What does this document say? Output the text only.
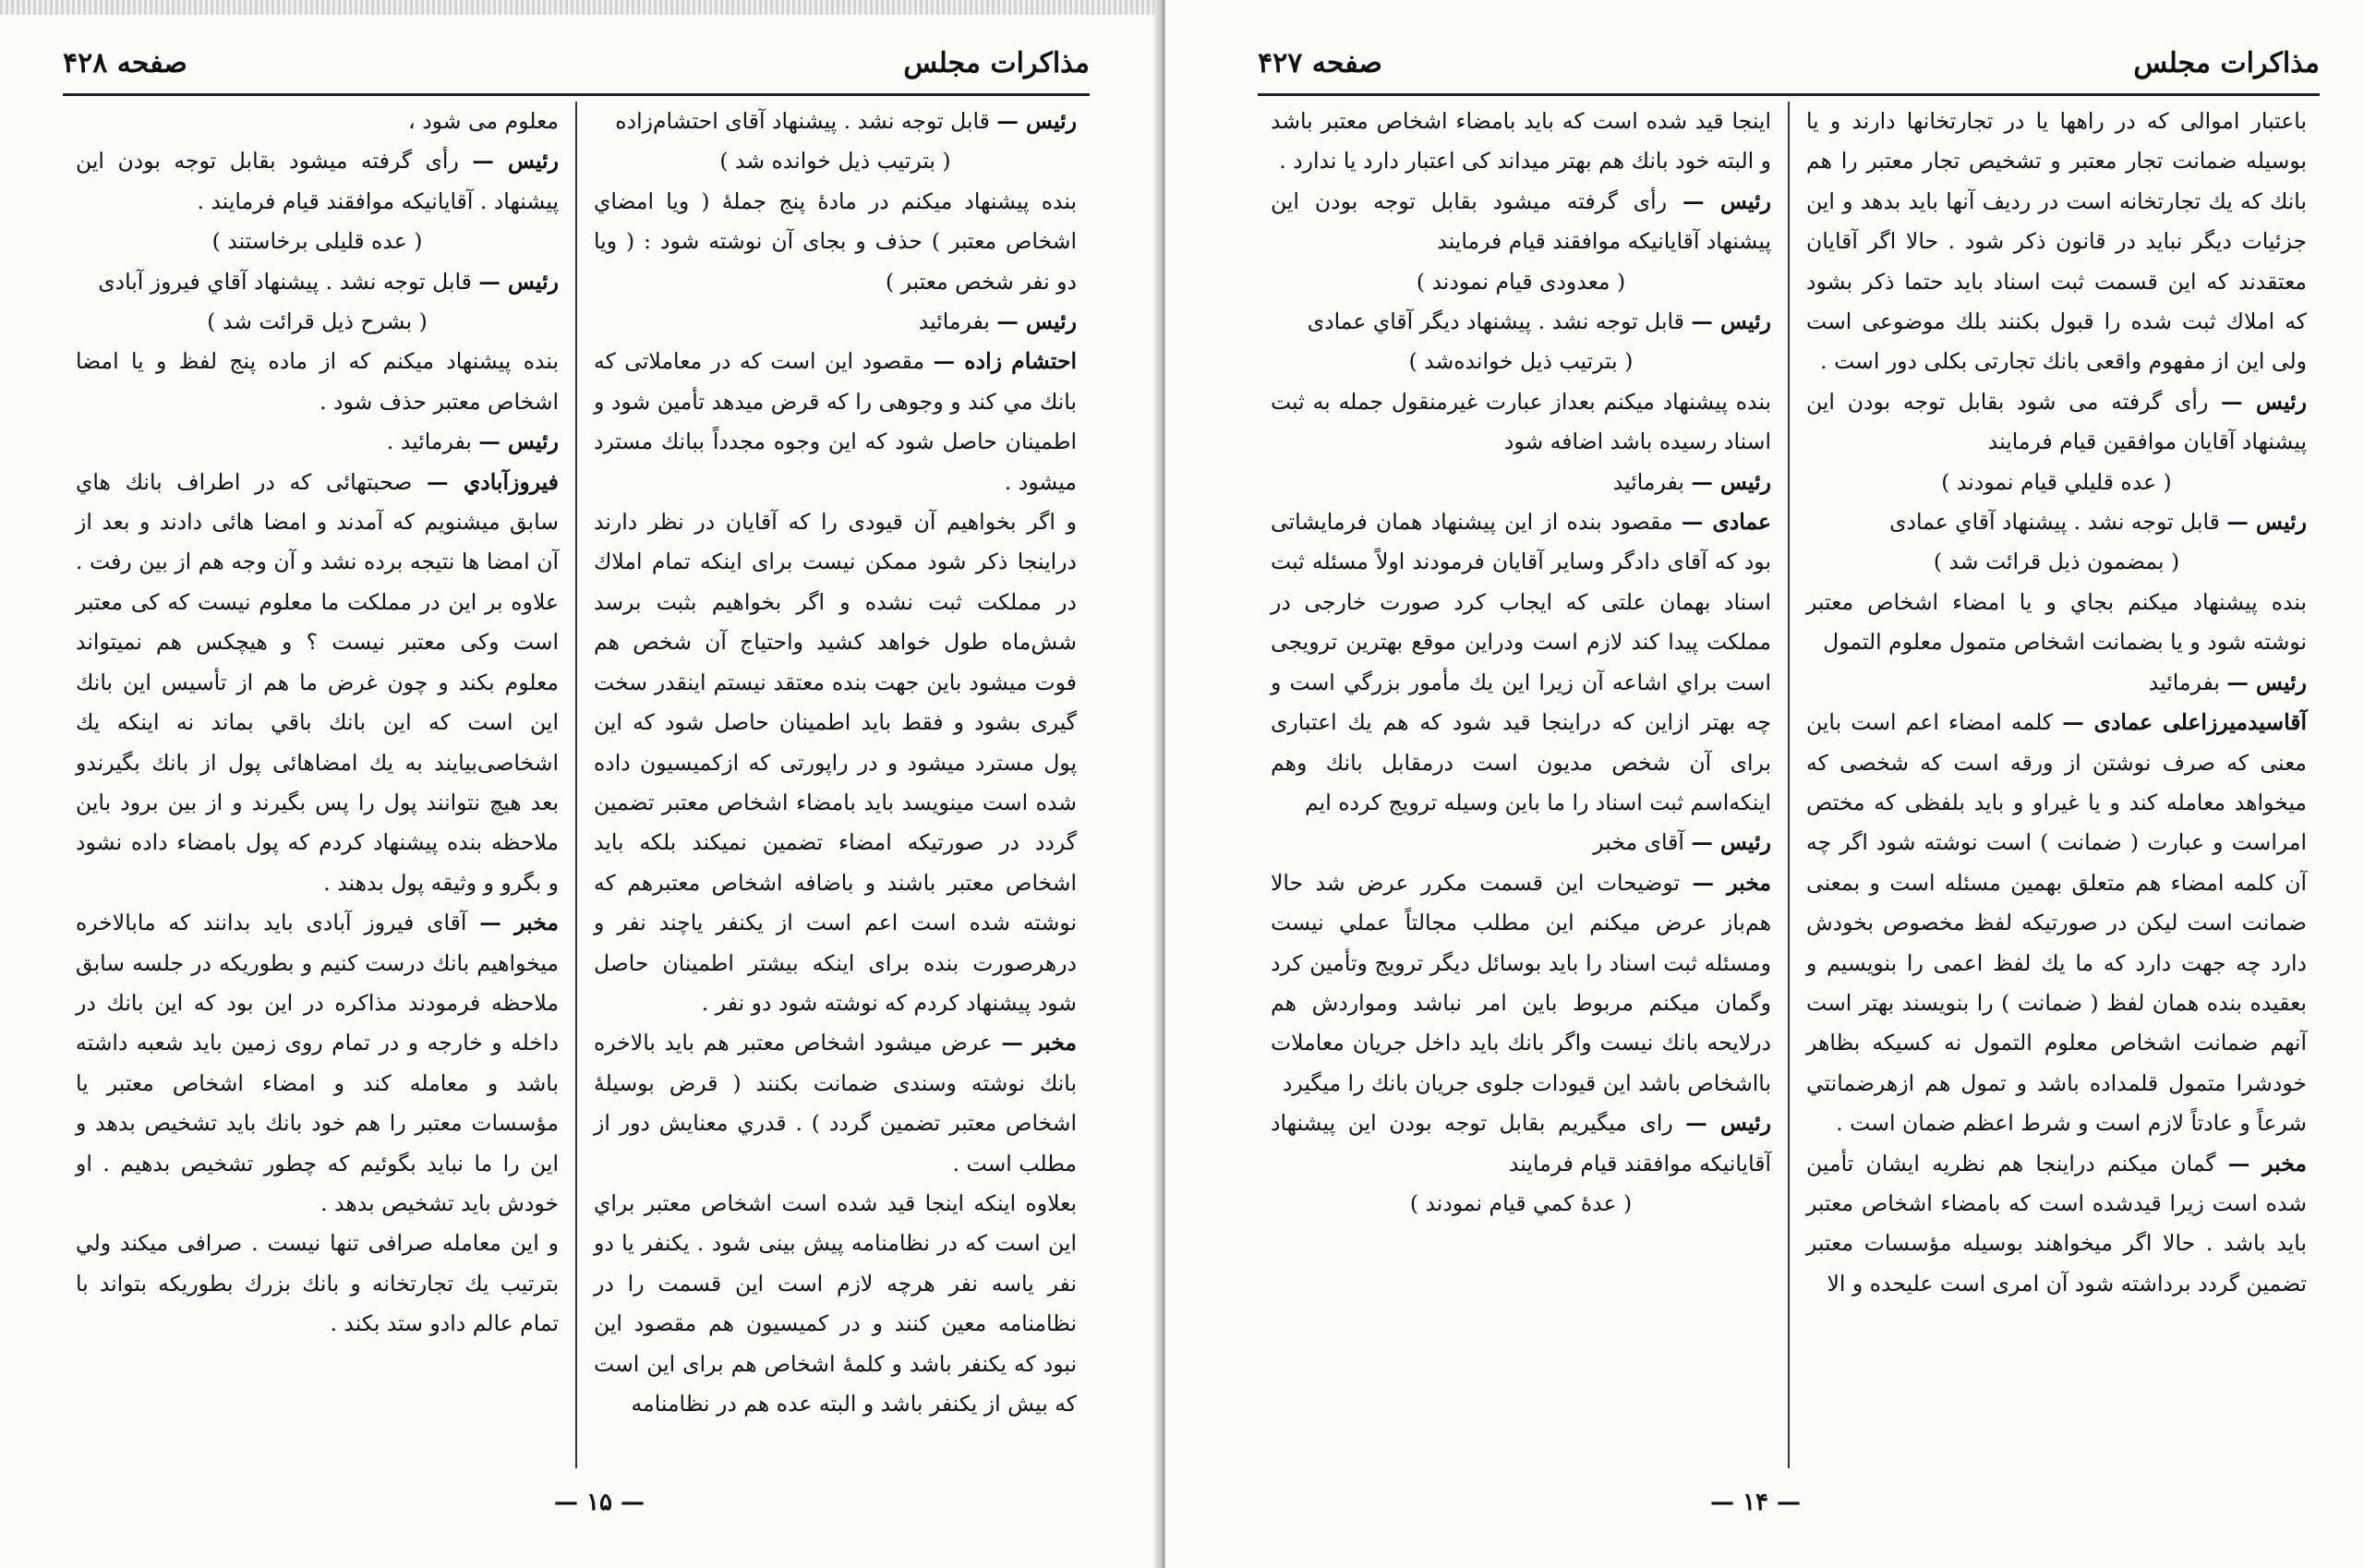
مذاکرات مجلس
صفحه ۴۲۸

رئیس — قابل توجه نشد . پیشنهاد آقای احتشام‌زاده

( بترتیب ذیل خوانده شد )

بنده پیشنهاد میکنم در مادهٔ پنج جملهٔ ( ویا امضاي اشخاص معتبر ) حذف و بجای آن نوشته شود : ( ویا دو نفر شخص معتبر )

رئیس — بفرمائید

احتشام زاده — مقصود این است که در معاملاتی که بانك مي کند و وجوهی را که قرض میدهد تأمین شود و اطمینان حاصل شود که این وجوه مجدداً ببانك مسترد میشود .

و اگر بخواهیم آن قیودی را که آقایان در نظر دارند دراینجا ذکر شود ممکن نیست برای اینکه تمام املاك در مملکت ثبت نشده و اگر بخواهیم بثبت برسد شش‌ماه طول خواهد کشید واحتیاج آن شخص هم فوت میشود باین جهت بنده معتقد نیستم اینقدر سخت گیری بشود و فقط باید اطمینان حاصل شود که این پول مسترد میشود و در راپورتی که ازکمیسیون داده شده است مینویسد باید بامضاء اشخاص معتبر تضمین گردد در صورتیکه امضاء تضمین نمیکند بلکه باید اشخاص معتبر باشند و باضافه اشخاص معتبرهم که نوشته شده است اعم است از یکنفر یاچند نفر و درهرصورت بنده برای اینکه بیشتر اطمینان حاصل شود پیشنهاد کردم که نوشته شود دو نفر .

مخبر — عرض میشود اشخاص معتبر هم باید بالاخره بانك نوشته وسندی ضمانت بکنند ( قرض بوسیلهٔ اشخاص معتبر تضمین گردد ) . قدري معنایش دور از مطلب است .

بعلاوه اینکه اینجا قید شده است اشخاص معتبر براي این است که در نظامنامه پیش بینی شود . یکنفر یا دو نفر یاسه نفر هرچه لازم است این قسمت را در نظامنامه معین کنند و در کمیسیون هم مقصود این نبود که یکنفر باشد و کلمهٔ اشخاص هم برای این است که بیش از یکنفر باشد و البته عده هم در نظامنامه

معلوم می شود ،

رئیس — رأی گرفته میشود بقابل توجه بودن این پیشنهاد . آقایانیکه موافقند قیام فرمایند .

( عده قلیلی برخاستند )

رئیس — قابل توجه نشد . پیشنهاد آقاي فیروز آبادی

( بشرح ذیل قرائت شد )

بنده پیشنهاد میکنم که از ماده پنج لفظ و یا امضا اشخاص معتبر حذف شود .

رئیس — بفرمائید .

فیروزآبادي — صحبتهائی که در اطراف بانك هاي سابق میشنویم که آمدند و امضا هائی دادند و بعد از آن امضا ها نتیجه برده نشد و آن وجه هم از بین رفت . علاوه بر این در مملکت ما معلوم نیست که کی معتبر است وکی معتبر نیست ؟ و هیچکس هم نمیتواند معلوم بکند و چون غرض ما هم از تأسیس این بانك این است که این بانك باقي بماند نه اینکه یك اشخاصی‌بیایند به یك امضاهائی پول از بانك بگیرندو بعد هیچ نتوانند پول را پس بگیرند و از بین برود باین ملاحظه بنده پیشنهاد کردم که پول بامضاء داده نشود و بگرو و وثیقه پول بدهند .

مخبر — آقای فیروز آبادی باید بدانند که مابالاخره میخواهیم بانك درست کنیم و بطوریکه در جلسه سابق ملاحظه فرمودند مذاکره در این بود که این بانك در داخله و خارجه و در تمام روی زمین باید شعبه داشته باشد و معامله کند و امضاء اشخاص معتبر یا مؤسسات معتبر را هم خود بانك باید تشخیص بدهد و این را ما نباید بگوئیم که چطور تشخیص بدهیم . او خودش باید تشخیص بدهد .

و این معامله صرافی تنها نیست . صرافی میکند ولي بترتیب یك تجارتخانه و بانك بزرك بطوریکه بتواند با تمام عالم دادو ستد بکند .

— ۱۵ —
مذاکرات مجلس
صفحه ۴۲۷

باعتبار اموالی که در راهها یا در تجارتخانها دارند و یا بوسیله ضمانت تجار معتبر و تشخیص تجار معتبر را هم بانك که یك تجارتخانه است در ردیف آنها باید بدهد و این جزئیات دیگر نباید در قانون ذکر شود . حالا اگر آقایان معتقدند که این قسمت ثبت اسناد باید حتما ذکر بشود که املاك ثبت شده را قبول بکنند بلك موضوعی است ولی این از مفهوم واقعی بانك تجارتی بکلی دور است .

رئیس — رأی گرفته می شود بقابل توجه بودن این پیشنهاد آقایان موافقین قیام فرمایند

( عده قلیلي قیام نمودند )

رئیس — قابل توجه نشد . پیشنهاد آقاي عمادی

( بمضمون ذیل قرائت شد )

بنده پیشنهاد میکنم بجاي و یا امضاء اشخاص معتبر نوشته شود و یا بضمانت اشخاص متمول معلوم التمول

رئیس — بفرمائید

آقاسیدمیرزاعلی عمادی — کلمه امضاء اعم است باین معنی که صرف نوشتن از ورقه است که شخصی که میخواهد معامله کند و یا غیراو و باید بلفظی که مختص امراست و عبارت ( ضمانت ) است نوشته شود اگر چه آن کلمه امضاء هم متعلق بهمین مسئله است و بمعنی ضمانت است لیکن در صورتیکه لفظ مخصوص بخودش دارد چه جهت دارد که ما یك لفظ اعمی را بنویسیم و بعقیده بنده همان لفظ ( ضمانت ) را بنویسند بهتر است آنهم ضمانت اشخاص معلوم التمول نه کسیکه بظاهر خودشرا متمول قلمداده باشد و تمول هم ازهرضمانتي شرعاً و عادتاً لازم است و شرط اعظم ضمان است .

مخبر — گمان میکنم دراینجا هم نظریه ایشان تأمین شده است زیرا قیدشده است که بامضاء اشخاص معتبر باید باشد . حالا اگر میخواهند بوسیله مؤسسات معتبر تضمین گردد برداشته شود آن امری است علیحده و الا

اینجا قید شده است که باید بامضاء اشخاص معتبر باشد و البته خود بانك هم بهتر میداند کی اعتبار دارد یا ندارد .

رئیس — رأی گرفته میشود بقابل توجه بودن این پیشنهاد آقایانیکه موافقند قیام فرمایند

( معدودی قیام نمودند )

رئیس — قابل توجه نشد . پیشنهاد دیگر آقاي عمادی

( بترتیب ذیل خوانده‌شد )

بنده پیشنهاد میکنم بعداز عبارت غیرمنقول جمله به ثبت اسناد رسیده باشد اضافه شود

رئیس — بفرمائید

عمادی — مقصود بنده از این پیشنهاد همان فرمایشاتی بود که آقای دادگر وسایر آقایان فرمودند اولاً مسئله ثبت اسناد بهمان علتی که ایجاب کرد صورت خارجی در مملکت پیدا کند لازم است ودراین موقع بهترین ترویجی است براي اشاعه آن زیرا این یك مأمور بزرگي است و چه بهتر ازاین که دراینجا قید شود که هم یك اعتباری برای آن شخص مدیون است درمقابل بانك وهم اینکه‌اسم ثبت اسناد را ما باین وسیله ترویج کرده ایم

رئیس — آقای مخبر

مخبر — توضیحات این قسمت مکرر عرض شد حالا هم‌باز عرض میکنم این مطلب مجالتاً عملي نیست ومسئله ثبت اسناد را باید بوسائل دیگر ترویج وتأمین کرد وگمان میکنم مربوط باین امر نباشد ومواردش هم درلایحه بانك نیست واگر بانك باید داخل جریان معاملات بااشخاص باشد این قیودات جلوی جریان بانك را میگیرد

رئیس — رای میگیریم بقابل توجه بودن این پیشنهاد آقایانیکه موافقند قیام فرمایند

( عدهٔ کمي قیام نمودند )

— ۱۴ —
